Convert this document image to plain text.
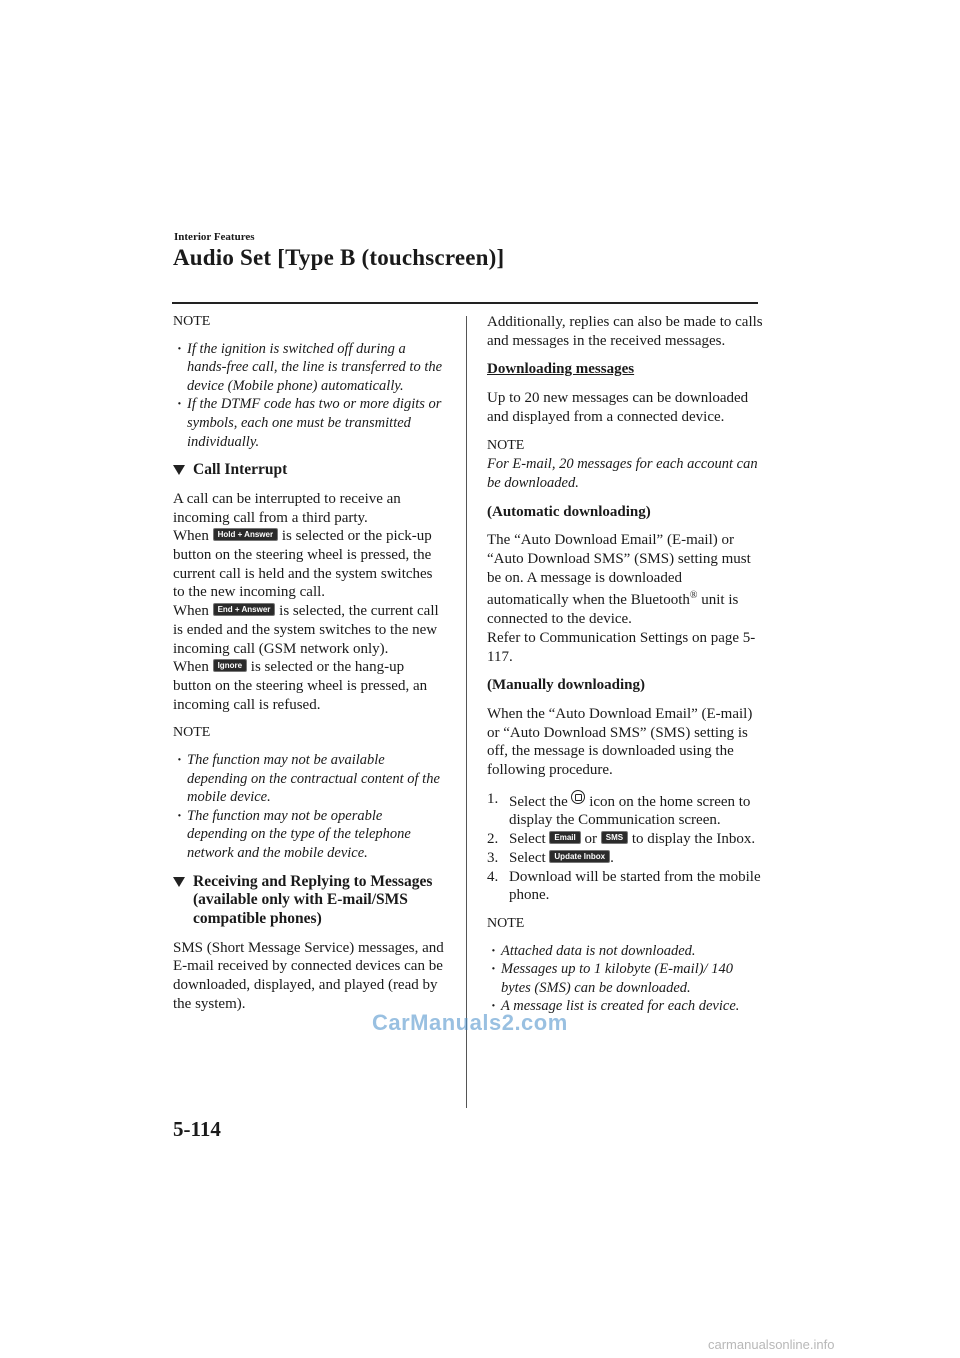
Interior Features
Audio Set [Type B (touchscreen)]
NOTE
· If the ignition is switched off during a hands-free call, the line is transferred to the device (Mobile phone) automatically.
· If the DTMF code has two or more digits or symbols, each one must be transmitted individually.
Call Interrupt
A call can be interrupted to receive an incoming call from a third party.
When Hold + Answer is selected or the pick-up button on the steering wheel is pressed, the current call is held and the system switches to the new incoming call.
When End + Answer is selected, the current call is ended and the system switches to the new incoming call (GSM network only).
When Ignore is selected or the hang-up button on the steering wheel is pressed, an incoming call is refused.
NOTE
· The function may not be available depending on the contractual content of the mobile device.
· The function may not be operable depending on the type of the telephone network and the mobile device.
Receiving and Replying to Messages (available only with E-mail/SMS compatible phones)
SMS (Short Message Service) messages, and E-mail received by connected devices can be downloaded, displayed, and played (read by the system).
Additionally, replies can also be made to calls and messages in the received messages.
Downloading messages
Up to 20 new messages can be downloaded and displayed from a connected device.
NOTE
For E-mail, 20 messages for each account can be downloaded.
(Automatic downloading)
The “Auto Download Email” (E-mail) or “Auto Download SMS” (SMS) setting must be on. A message is downloaded automatically when the Bluetooth® unit is connected to the device.
Refer to Communication Settings on page 5-117.
(Manually downloading)
When the “Auto Download Email” (E-mail) or “Auto Download SMS” (SMS) setting is off, the message is downloaded using the following procedure.
1. Select the icon on the home screen to display the Communication screen.
2. Select Email or SMS to display the Inbox.
3. Select Update Inbox .
4. Download will be started from the mobile phone.
NOTE
· Attached data is not downloaded.
· Messages up to 1 kilobyte (E-mail)/ 140 bytes (SMS) can be downloaded.
· A message list is created for each device.
CarManuals2.com
5-114
carmanualsonline.info
